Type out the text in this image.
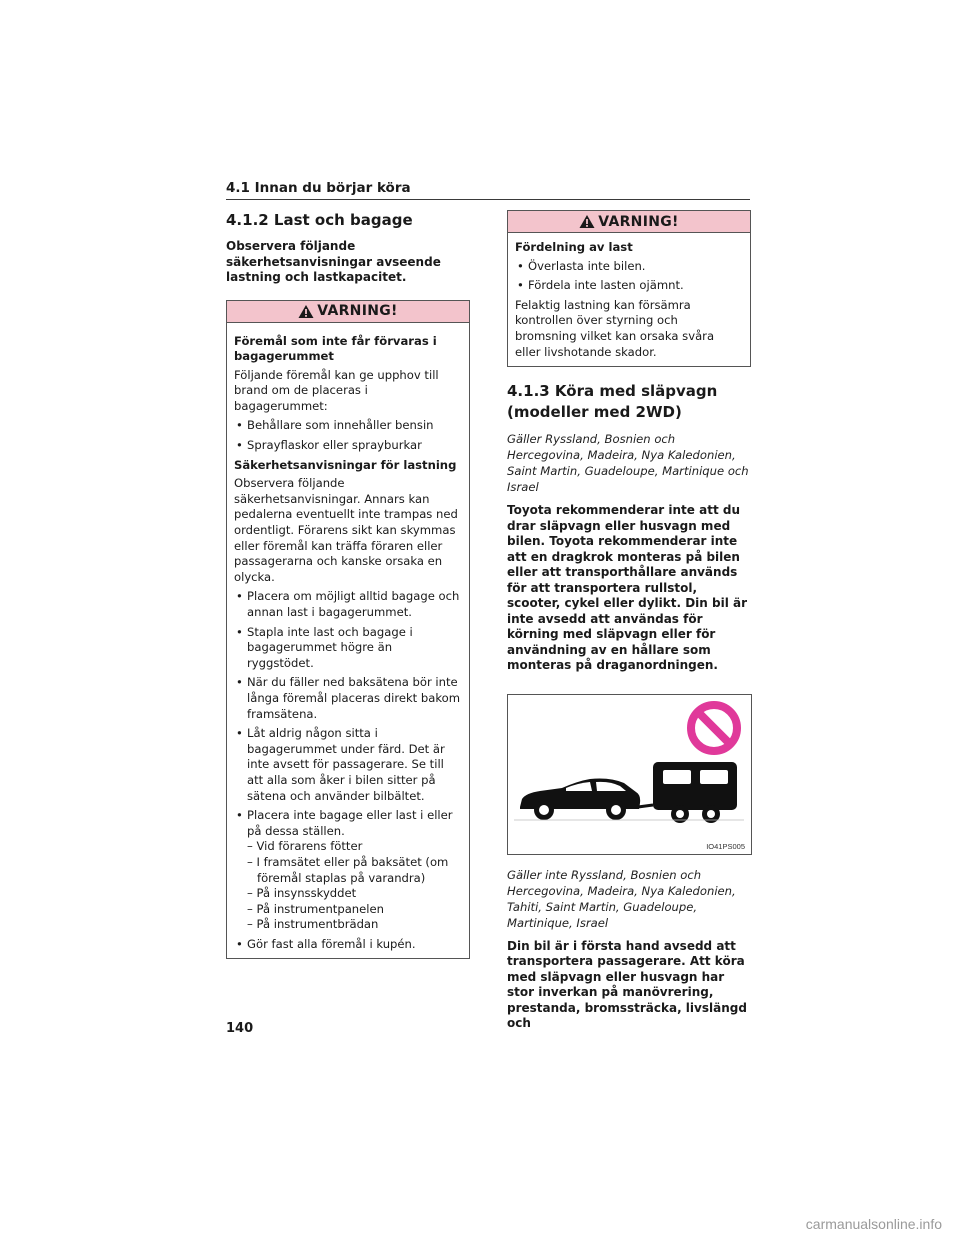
4.1 Innan du börjar köra
4.1.2 Last och bagage

Observera följande säkerhetsanvisningar avseende lastning och lastkapacitet.

VARNING!

Föremål som inte får förvaras i bagagerummet

Följande föremål kan ge upphov till brand om de placeras i bagagerummet:

• Behållare som innehåller bensin
• Sprayflaskor eller sprayburkar

Säkerhetsanvisningar för lastning

Observera följande säkerhetsanvisningar. Annars kan pedalerna eventuellt inte trampas ned ordentligt. Förarens sikt kan skymmas eller föremål kan träffa föraren eller passagerarna och kanske orsaka en olycka.

• Placera om möjligt alltid bagage och annan last i bagagerummet.
• Stapla inte last och bagage i bagagerummet högre än ryggstödet.
• När du fäller ned baksätena bör inte långa föremål placeras direkt bakom framsätena.
• Låt aldrig någon sitta i bagagerummet under färd. Det är inte avsett för passagerare. Se till att alla som åker i bilen sitter på sätena och använder bilbältet.
• Placera inte bagage eller last i eller på dessa ställen.
– Vid förarens fötter
– I framsätet eller på baksätet (om föremål staplas på varandra)
– På insynsskyddet
– På instrumentpanelen
– På instrumentbrädan
• Gör fast alla föremål i kupén.
VARNING!

Fördelning av last

• Överlasta inte bilen.
• Fördela inte lasten ojämnt.

Felaktig lastning kan försämra kontrollen över styrning och bromsning vilket kan orsaka svåra eller livshotande skador.

4.1.3 Köra med släpvagn (modeller med 2WD)

Gäller Ryssland, Bosnien och Hercegovina, Madeira, Nya Kaledonien, Saint Martin, Guadeloupe, Martinique och Israel

Toyota rekommenderar inte att du drar släpvagn eller husvagn med bilen. Toyota rekommenderar inte att en dragkrok monteras på bilen eller att transporthållare används för att transportera rullstol, scooter, cykel eller dylikt. Din bil är inte avsedd att användas för körning med släpvagn eller för användning av en hållare som monteras på draganordningen.

IO41PS005

Gäller inte Ryssland, Bosnien och Hercegovina, Madeira, Nya Kaledonien, Tahiti, Saint Martin, Guadeloupe, Martinique, Israel

Din bil är i första hand avsedd att transportera passagerare. Att köra med släpvagn eller husvagn har stor inverkan på manövrering, prestanda, bromssträcka, livslängd och

140
carmanualsonline.info
